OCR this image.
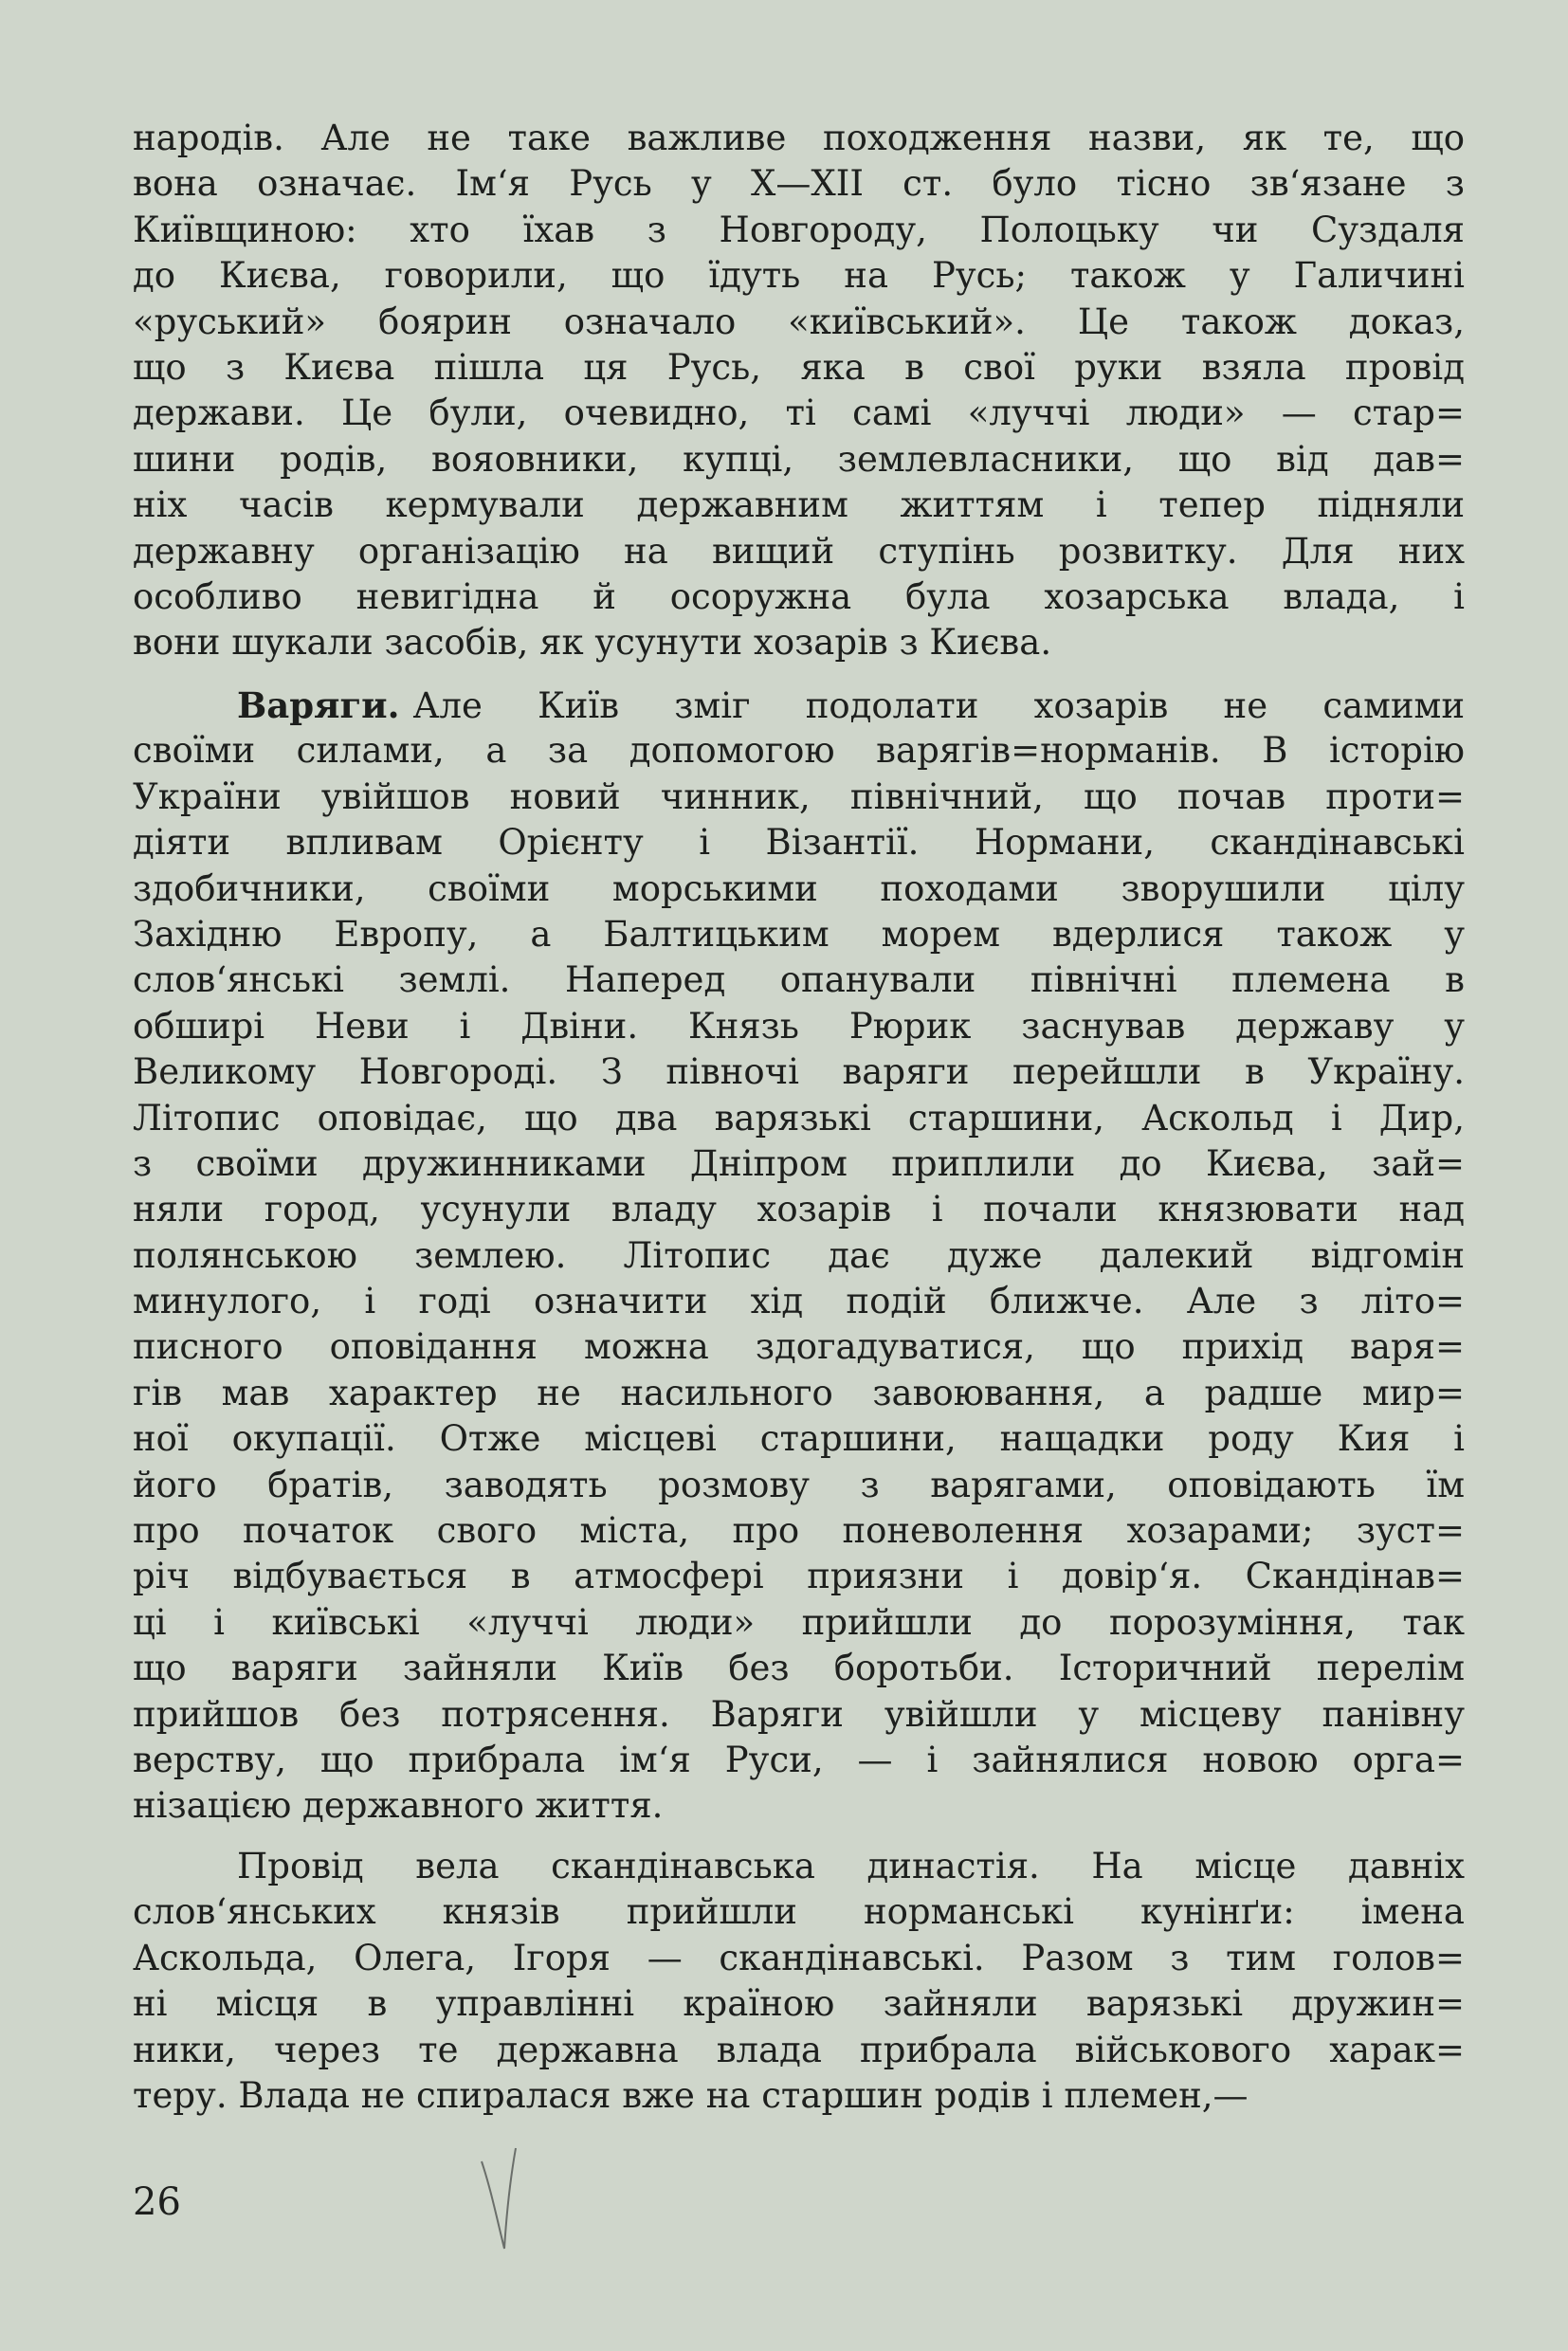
народів. Але не таке важливе походження назви, як те, що
вона означає. Ім‘я Русь у X—XII ст. було тісно зв‘язане з
Київщиною: хто їхав з Новгороду, Полоцьку чи Суздаля
до Києва, говорили, що їдуть на Русь; також у Галичині
«руський» боярин означало «київський». Це також доказ,
що з Києва пішла ця Русь, яка в свої руки взяла провід
держави. Це були, очевидно, ті самі «луччі люди» — стар=
шини родів, вояовники, купці, землевласники, що від дав=
ніх часів кермували державним життям і тепер підняли
державну організацію на вищий ступінь розвитку. Для них
особливо невигідна й осоружна була хозарська влада, і
вони шукали засобів, як усунути хозарів з Києва.
Варяги. Але Київ зміг подолати хозарів не самими
своїми силами, а за допомогою варягів=норманів. В історію
України увійшов новий чинник, північний, що почав проти=
діяти впливам Орієнту і Візантії. Нормани, скандінавські
здобичники, своїми морськими походами зворушили цілу
Західню Европу, а Балтицьким морем вдерлися також у
слов‘янські землі. Наперед опанували північні племена в
обширі Неви і Двіни. Князь Рюрик заснував державу у
Великому Новгороді. З півночі варяги перейшли в Україну.
Літопис оповідає, що два варязькі старшини, Аскольд і Дир,
з своїми дружинниками Дніпром приплили до Києва, зай=
няли город, усунули владу хозарів і почали князювати над
полянською землею. Літопис дає дуже далекий відгомін
минулого, і годі означити хід подій ближче. Але з літо=
писного оповідання можна здогадуватися, що прихід варя=
гів мав характер не насильного завоювання, а радше мир=
ної окупації. Отже місцеві старшини, нащадки роду Кия і
його братів, заводять розмову з варягами, оповідають їм
про початок свого міста, про поневолення хозарами; зуст=
річ відбувається в атмосфері приязни і довір‘я. Скандінав=
ці і київські «луччі люди» прийшли до порозуміння, так
що варяги зайняли Київ без боротьби. Історичний перелім
прийшов без потрясення. Варяги увійшли у місцеву панівну
верству, що прибрала ім‘я Руси, — і зайнялися новою орга=
нізацією державного життя.
Провід вела скандінавська династія. На місце давніх
слов‘янських князів прийшли норманські кунінґи: імена
Аскольда, Олега, Ігоря — скандінавські. Разом з тим голов=
ні місця в управлінні країною зайняли варязькі дружин=
ники, через те державна влада прибрала військового харак=
теру. Влада не спиралася вже на старшин родів і племен,—
26
